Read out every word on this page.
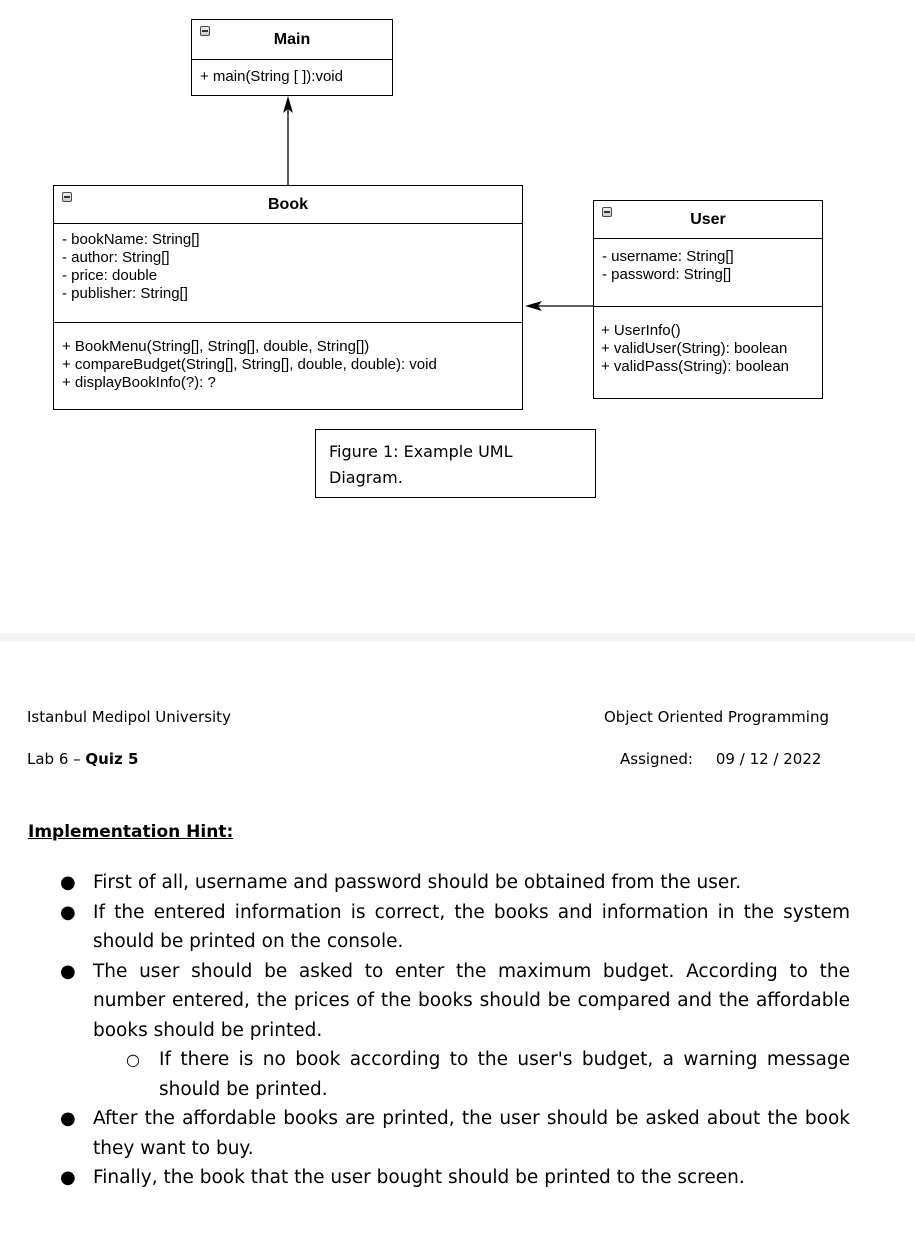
Main
+ main(String [ ]):void
Book
- bookName: String[]
- author: String[]
- price: double
- publisher: String[]
+ BookMenu(String[], String[], double, String[])
+ compareBudget(String[], String[], double, double): void
+ displayBookInfo(?): ?
User
- username: String[]
- password: String[]
+ UserInfo()
+ validUser(String): boolean
+ validPass(String): boolean
Figure 1: Example UML
Diagram.
Istanbul Medipol University	Object Oriented Programming
Lab 6 – Quiz 5	Assigned: 09 / 12 / 2022
Implementation Hint:
● First of all, username and password should be obtained from the user.
● If the entered information is correct, the books and information in the system should be printed on the console.
● The user should be asked to enter the maximum budget. According to the number entered, the prices of the books should be compared and the affordable books should be printed.
○ If there is no book according to the user's budget, a warning message should be printed.
● After the affordable books are printed, the user should be asked about the book they want to buy.
● Finally, the book that the user bought should be printed to the screen.
